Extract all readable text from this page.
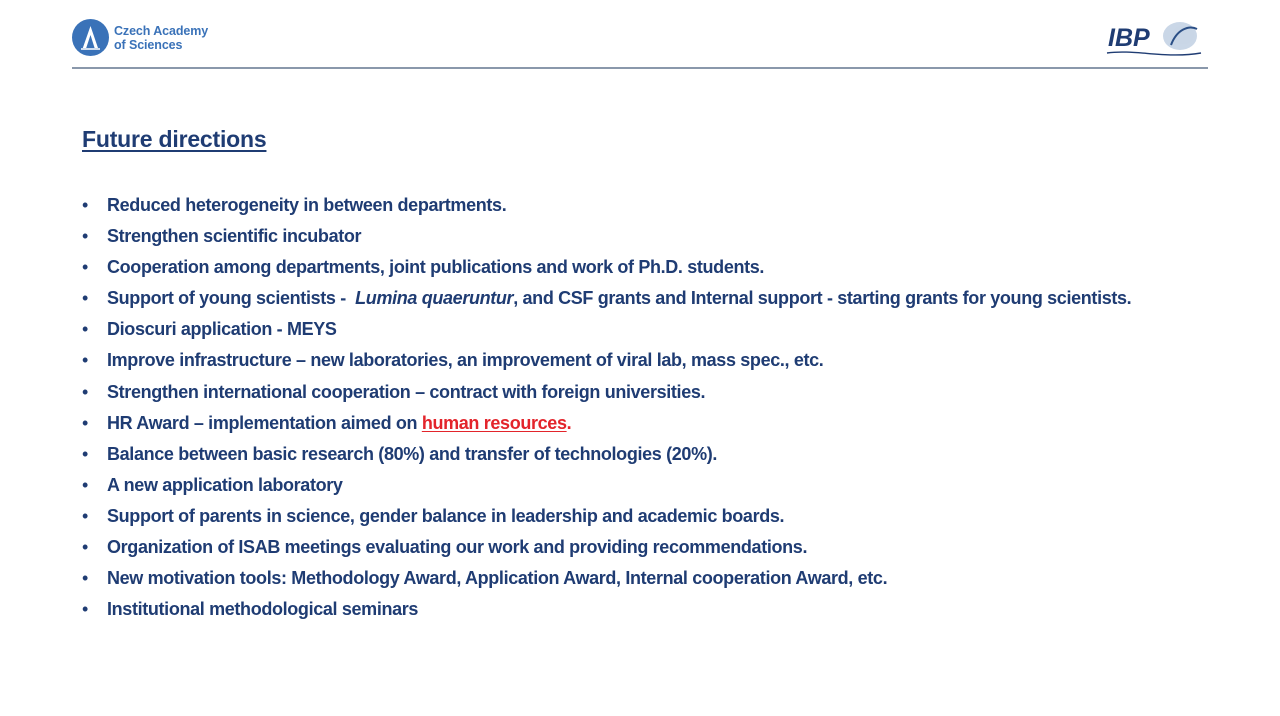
Czech Academy
of Sciences	IBP
Future directions
• Reduced heterogeneity in between departments.
• Strengthen scientific incubator
• Cooperation among departments, joint publications and work of Ph.D. students.
• Support of young scientists -  Lumina quaeruntur, and CSF grants and Internal support - starting grants for young scientists.
• Dioscuri application - MEYS
• Improve infrastructure – new laboratories, an improvement of viral lab, mass spec., etc.
• Strengthen international cooperation – contract with foreign universities.
• HR Award – implementation aimed on human resources.
• Balance between basic research (80%) and transfer of technologies (20%).
• A new application laboratory
• Support of parents in science, gender balance in leadership and academic boards.
• Organization of ISAB meetings evaluating our work and providing recommendations.
• New motivation tools: Methodology Award, Application Award, Internal cooperation Award, etc.
• Institutional methodological seminars
